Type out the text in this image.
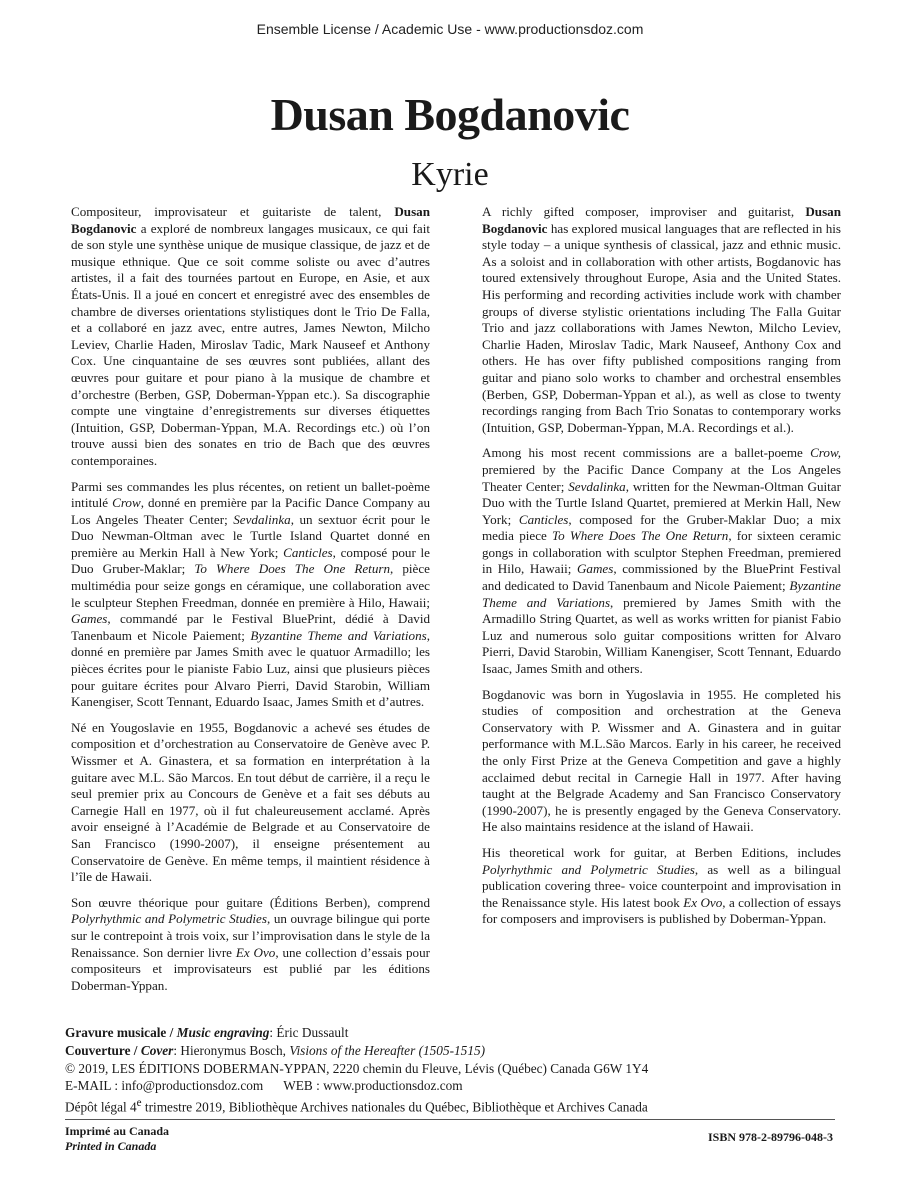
Ensemble License / Academic Use - www.productionsdoz.com
Dusan Bogdanovic
Kyrie

Compositeur, improvisateur et guitariste de talent, Dusan Bogdanovic a exploré de nombreux langages musicaux, ce qui fait de son style une synthèse unique de musique classique, de jazz et de musique ethnique. Que ce soit comme soliste ou avec d’autres artistes, il a fait des tournées partout en Europe, en Asie, et aux États-Unis. Il a joué en concert et enregistré avec des ensembles de chambre de diverses orientations stylistiques dont le Trio De Falla, et a collaboré en jazz avec, entre autres, James Newton, Milcho Leviev, Charlie Haden, Miroslav Tadic, Mark Nauseef et Anthony Cox. Une cinquantaine de ses œuvres sont publiées, allant des œuvres pour guitare et pour piano à la musique de chambre et d’orchestre (Berben, GSP, Doberman-Yppan etc.). Sa discographie compte une vingtaine d’enregistrements sur diverses étiquettes (Intuition, GSP, Doberman-Yppan, M.A. Recordings etc.) où l’on trouve aussi bien des sonates en trio de Bach que des œuvres contemporaines.

Parmi ses commandes les plus récentes, on retient un ballet-poème intitulé Crow, donné en première par la Pacific Dance Company au Los Angeles Theater Center; Sevdalinka, un sextuor écrit pour le Duo Newman-Oltman avec le Turtle Island Quartet donné en première au Merkin Hall à New York; Canticles, composé pour le Duo Gruber-Maklar; To Where Does The One Return, pièce multimédia pour seize gongs en céramique, une collaboration avec le sculpteur Stephen Freedman, donnée en première à Hilo, Hawaii; Games, commandé par le Festival BluePrint, dédié à David Tanenbaum et Nicole Paiement; Byzantine Theme and Variations, donné en première par James Smith avec le quatuor Armadillo; les pièces écrites pour le pianiste Fabio Luz, ainsi que plusieurs pièces pour guitare écrites pour Alvaro Pierri, David Starobin, William Kanengiser, Scott Tennant, Eduardo Isaac, James Smith et d’autres.

Né en Yougoslavie en 1955, Bogdanovic a achevé ses études de composition et d’orchestration au Conservatoire de Genève avec P. Wissmer et A. Ginastera, et sa formation en interprétation à la guitare avec M.L. São Marcos. En tout début de carrière, il a reçu le seul premier prix au Concours de Genève et a fait ses débuts au Carnegie Hall en 1977, où il fut chaleureusement acclamé. Après avoir enseigné à l’Académie de Belgrade et au Conservatoire de San Francisco (1990-2007), il enseigne présentement au Conservatoire de Genève. En même temps, il maintient résidence à l’île de Hawaii.

Son œuvre théorique pour guitare (Éditions Berben), comprend Polyrhythmic and Polymetric Studies, un ouvrage bilingue qui porte sur le contrepoint à trois voix, sur l’improvisation dans le style de la Renaissance. Son dernier livre Ex Ovo, une collection d’essais pour compositeurs et improvisateurs est publié par les éditions Doberman-Yppan.

A richly gifted composer, improviser and guitarist, Dusan Bogdanovic has explored musical languages that are reflected in his style today – a unique synthesis of classical, jazz and ethnic music. As a soloist and in collaboration with other artists, Bogdanovic has toured extensively throughout Europe, Asia and the United States. His performing and recording activities include work with chamber groups of diverse stylistic orientations including The Falla Guitar Trio and jazz collaborations with James Newton, Milcho Leviev, Charlie Haden, Miroslav Tadic, Mark Nauseef, Anthony Cox and others. He has over fifty published compositions ranging from guitar and piano solo works to chamber and orchestral ensembles (Berben, GSP, Doberman-Yppan et al.), as well as close to twenty recordings ranging from Bach Trio Sonatas to contemporary works (Intuition, GSP, Doberman-Yppan, M.A. Recordings et al.).

Among his most recent commissions are a ballet-poeme Crow, premiered by the Pacific Dance Company at the Los Angeles Theater Center; Sevdalinka, written for the Newman-Oltman Guitar Duo with the Turtle Island Quartet, premiered at Merkin Hall, New York; Canticles, composed for the Gruber-Maklar Duo; a mix media piece To Where Does The One Return, for sixteen ceramic gongs in collaboration with sculptor Stephen Freedman, premiered in Hilo, Hawaii; Games, commissioned by the BluePrint Festival and dedicated to David Tanenbaum and Nicole Paiement; Byzantine Theme and Variations, premiered by James Smith with the Armadillo String Quartet, as well as works written for pianist Fabio Luz and numerous solo guitar compositions written for Alvaro Pierri, David Starobin, William Kanengiser, Scott Tennant, Eduardo Isaac, James Smith and others.

Bogdanovic was born in Yugoslavia in 1955. He completed his studies of composition and orchestration at the Geneva Conservatory with P. Wissmer and A. Ginastera and in guitar performance with M.L.São Marcos. Early in his career, he received the only First Prize at the Geneva Competition and gave a highly acclaimed debut recital in Carnegie Hall in 1977. After having taught at the Belgrade Academy and San Francisco Conservatory (1990-2007), he is presently engaged by the Geneva Conservatory. He also maintains residence at the island of Hawaii.

His theoretical work for guitar, at Berben Editions, includes Polyrhythmic and Polymetric Studies, as well as a bilingual publication covering three- voice counterpoint and improvisation in the Renaissance style. His latest book Ex Ovo, a collection of essays for composers and improvisers is published by Doberman-Yppan.

Gravure musicale / Music engraving: Éric Dussault
Couverture / Cover: Hieronymus Bosch, Visions of the Hereafter (1505-1515)
© 2019, LES ÉDITIONS DOBERMAN-YPPAN, 2220 chemin du Fleuve, Lévis (Québec) Canada G6W 1Y4
E-MAIL : info@productionsdoz.com WEB : www.productionsdoz.com
Dépôt légal 4e trimestre 2019, Bibliothèque Archives nationales du Québec, Bibliothèque et Archives Canada
Imprimé au Canada
Printed in Canada
ISBN 978-2-89796-048-3
